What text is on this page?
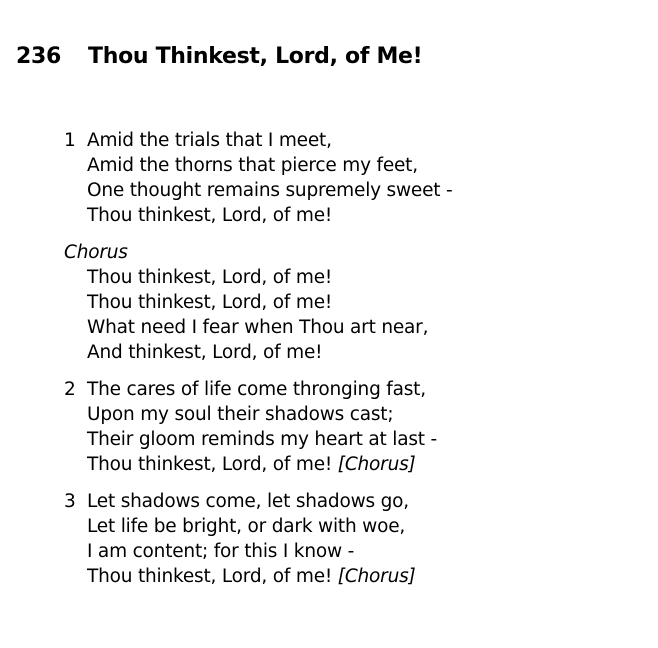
236 Thou Thinkest, Lord, of Me!
1 Amid the trials that I meet,
Amid the thorns that pierce my feet,
One thought remains supremely sweet -
Thou thinkest, Lord, of me!
Chorus
Thou thinkest, Lord, of me!
Thou thinkest, Lord, of me!
What need I fear when Thou art near,
And thinkest, Lord, of me!
2 The cares of life come thronging fast,
Upon my soul their shadows cast;
Their gloom reminds my heart at last -
Thou thinkest, Lord, of me! [Chorus]
3 Let shadows come, let shadows go,
Let life be bright, or dark with woe,
I am content; for this I know -
Thou thinkest, Lord, of me! [Chorus]
